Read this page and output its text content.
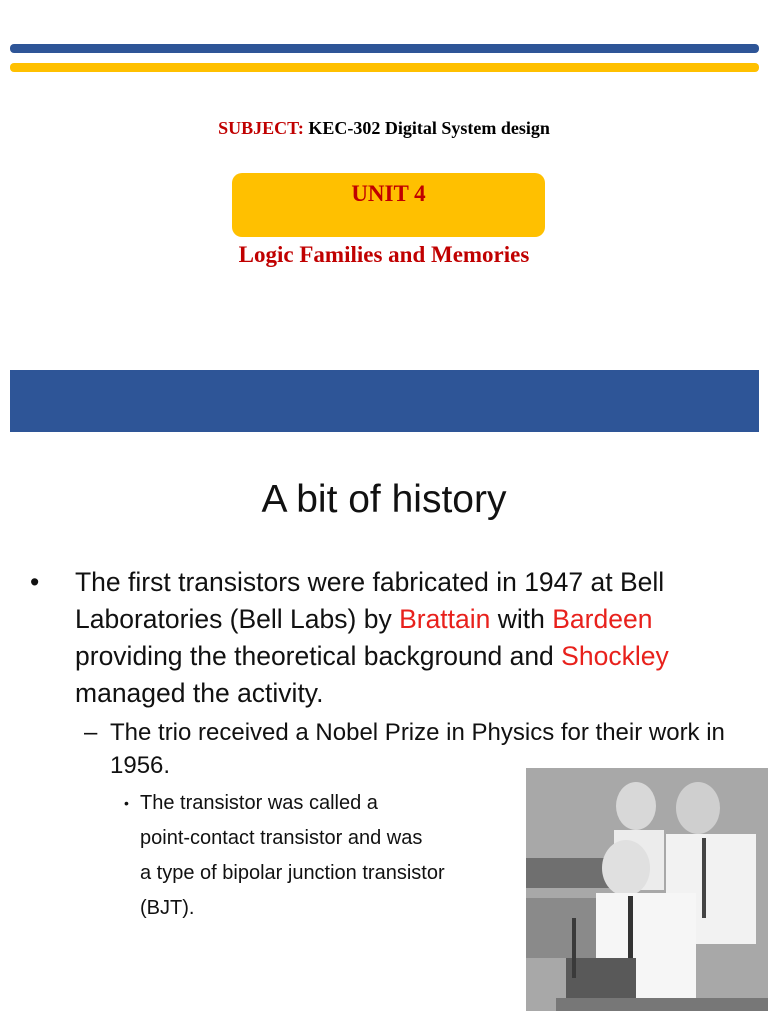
SUBJECT: KEC-302 Digital System design
UNIT 4
Logic Families and Memories
A bit of history
• The first transistors were fabricated in 1947 at Bell Laboratories (Bell Labs) by Brattain with Bardeen providing the theoretical background and Shockley managed the activity.
– The trio received a Nobel Prize in Physics for their work in 1956.
• The transistor was called a
point-contact transistor and was
a type of bipolar junction transistor
(BJT).
